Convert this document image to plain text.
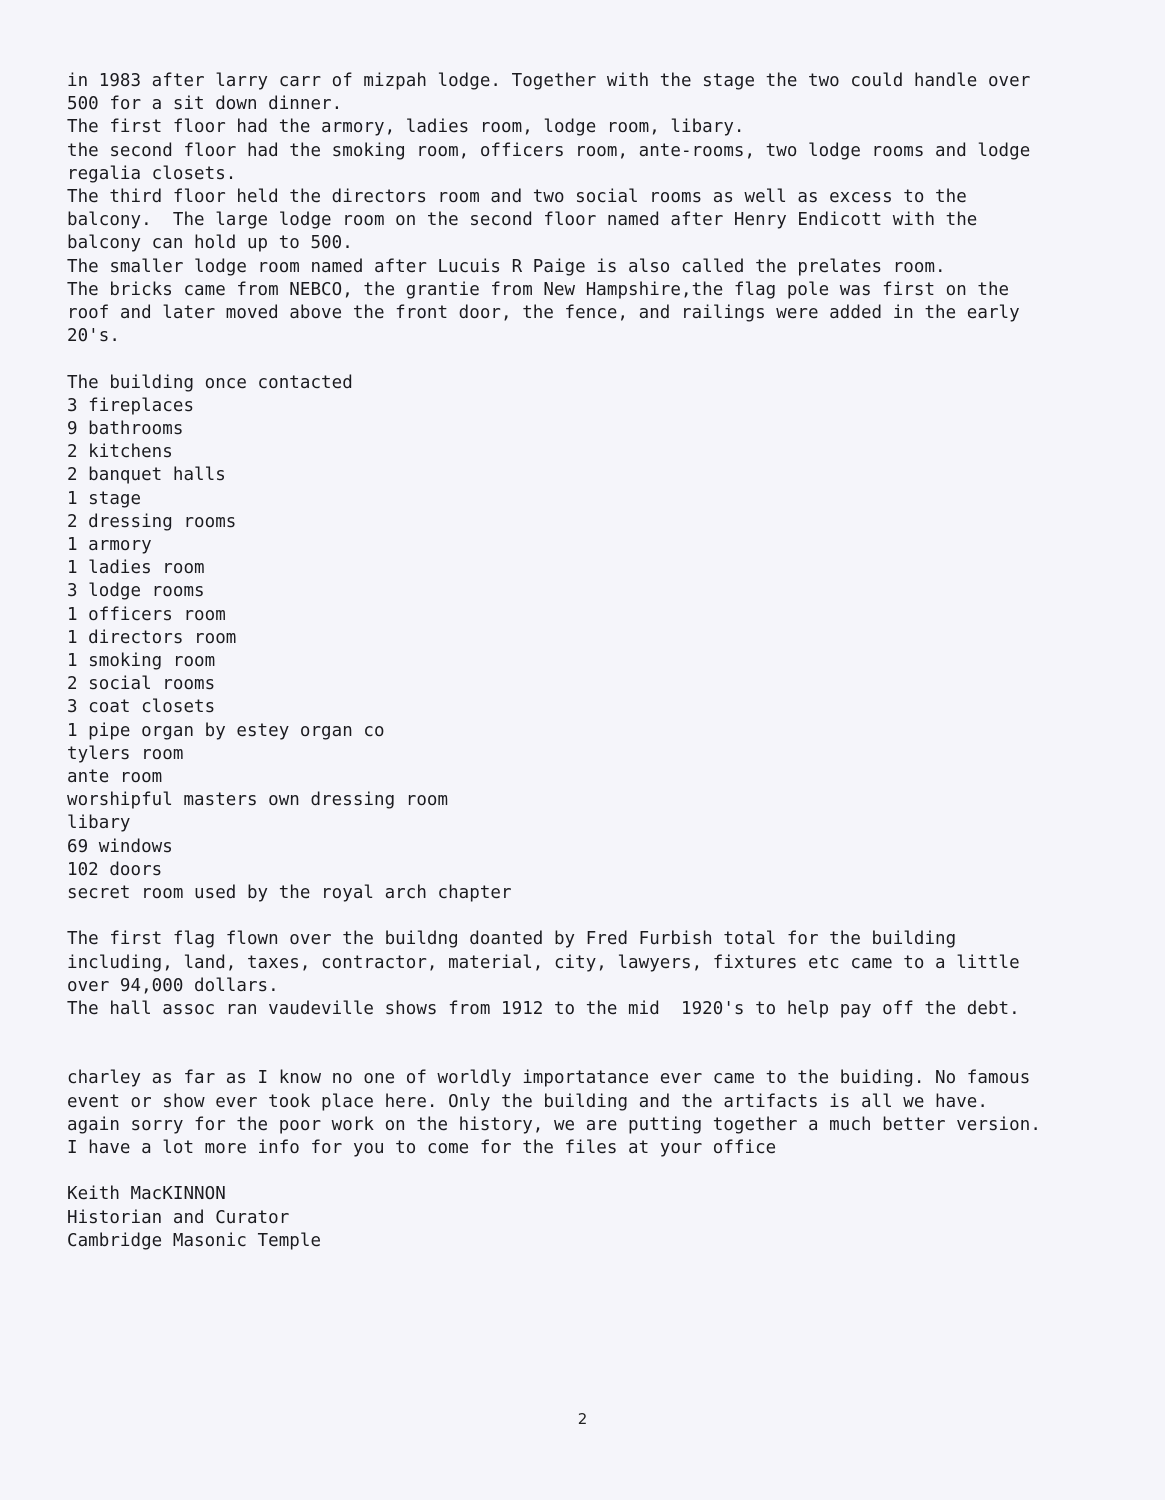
in 1983 after larry carr of mizpah lodge. Together with the stage the two could handle over
500 for a sit down dinner.
The first floor had the armory, ladies room, lodge room, libary.
the second floor had the smoking room, officers room, ante-rooms, two lodge rooms and lodge
regalia closets.
The third floor held the directors room and two social rooms as well as excess to the
balcony.  The large lodge room on the second floor named after Henry Endicott with the
balcony can hold up to 500.
The smaller lodge room named after Lucuis R Paige is also called the prelates room.
The bricks came from NEBCO, the grantie from New Hampshire,the flag pole was first on the
roof and later moved above the front door, the fence, and railings were added in the early
20's.
The building once contacted
3 fireplaces
9 bathrooms
2 kitchens
2 banquet halls
1 stage
2 dressing rooms
1 armory
1 ladies room
3 lodge rooms
1 officers room
1 directors room
1 smoking room
2 social rooms
3 coat closets
1 pipe organ by estey organ co
tylers room
ante room
worshipful masters own dressing room
libary
69 windows
102 doors
secret room used by the royal arch chapter
The first flag flown over the buildng doanted by Fred Furbish total for the building
including, land, taxes, contractor, material, city, lawyers, fixtures etc came to a little
over 94,000 dollars.
The hall assoc ran vaudeville shows from 1912 to the mid  1920's to help pay off the debt.
charley as far as I know no one of worldly importatance ever came to the buiding. No famous
event or show ever took place here. Only the building and the artifacts is all we have.
again sorry for the poor work on the history, we are putting together a much better version.
I have a lot more info for you to come for the files at your office
Keith MacKINNON
Historian and Curator
Cambridge Masonic Temple
2
